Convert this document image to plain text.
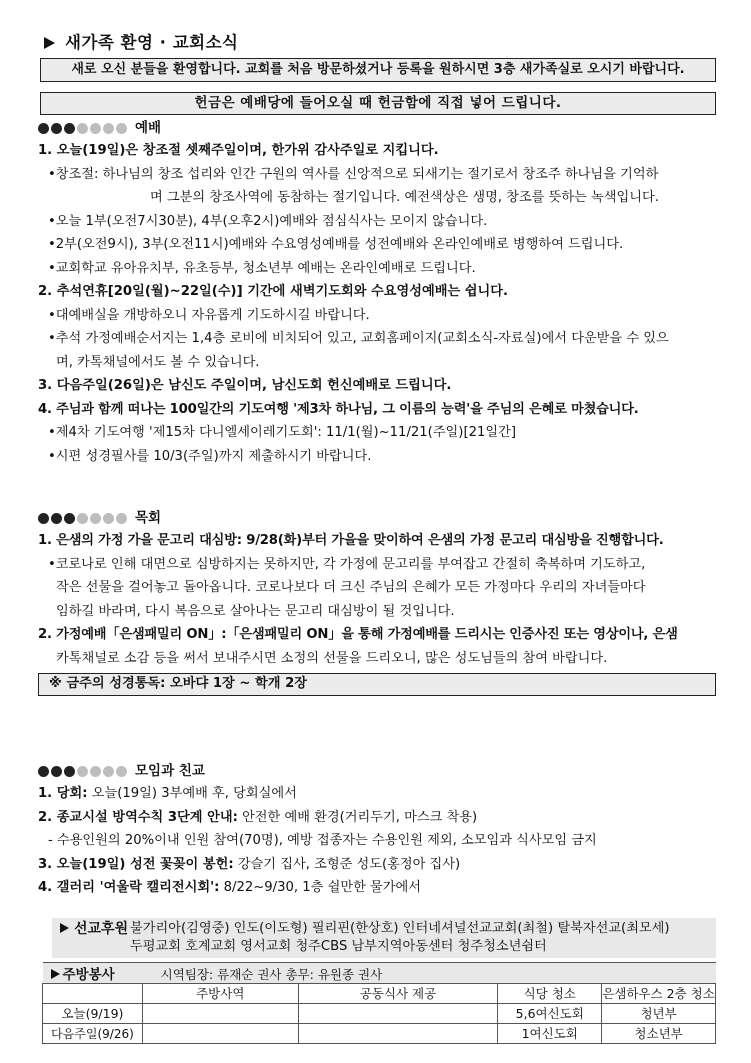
새가족 환영 · 교회소식
새로 오신 분들을 환영합니다. 교회를 처음 방문하셨거나 등록을 원하시면 3층 새가족실로 오시기 바랍니다.
헌금은 예배당에 들어오실 때 헌금함에 직접 넣어 드립니다.
예배
1. 오늘(19일)은 창조절 셋째주일이며, 한가위 감사주일로 지킵니다.
•창조절: 하나님의 창조 섭리와 인간 구원의 역사를 신앙적으로 되새기는 절기로서 창조주 하나님을 기억하
며 그분의 창조사역에 동참하는 절기입니다. 예전색상은 생명, 창조를 뜻하는 녹색입니다.
•오늘 1부(오전7시30분), 4부(오후2시)예배와 점심식사는 모이지 않습니다.
•2부(오전9시), 3부(오전11시)예배와 수요영성예배를 성전예배와 온라인예배로 병행하여 드립니다.
•교회학교 유아유치부, 유초등부, 청소년부 예배는 온라인예배로 드립니다.
2. 추석연휴[20일(월)~22일(수)] 기간에 새벽기도회와 수요영성예배는 쉽니다.
•대예배실을 개방하오니 자유롭게 기도하시길 바랍니다.
•추석 가정예배순서지는 1,4층 로비에 비치되어 있고, 교회홈페이지(교회소식-자료실)에서 다운받을 수 있으
며, 카톡채널에서도 볼 수 있습니다.
3. 다음주일(26일)은 남신도 주일이며, 남신도회 헌신예배로 드립니다.
4. 주님과 함께 떠나는 100일간의 기도여행 '제3차 하나님, 그 이름의 능력'을 주님의 은혜로 마쳤습니다.
•제4차 기도여행 '제15차 다니엘세이레기도회': 11/1(월)~11/21(주일)[21일간]
•시편 성경필사를 10/3(주일)까지 제출하시기 바랍니다.
목회
1. 은샘의 가정 가을 문고리 대심방: 9/28(화)부터 가을을 맞이하여 은샘의 가정 문고리 대심방을 진행합니다.
•코로나로 인해 대면으로 심방하지는 못하지만, 각 가정에 문고리를 부여잡고 간절히 축복하며 기도하고,
작은 선물을 걸어놓고 돌아옵니다. 코로나보다 더 크신 주님의 은혜가 모든 가정마다 우리의 자녀들마다
임하길 바라며, 다시 복음으로 살아나는 문고리 대심방이 될 것입니다.
2. 가정예배「은샘패밀리 ON」:「은샘패밀리 ON」을 통해 가정예배를 드리시는 인증사진 또는 영상이나, 은샘
카톡채널로 소감 등을 써서 보내주시면 소정의 선물을 드리오니, 많은 성도님들의 참여 바랍니다.
※ 금주의 성경통독: 오바댜 1장 ~ 학개 2장
모임과 친교
1. 당회: 오늘(19일) 3부예배 후, 당회실에서
2. 종교시설 방역수칙 3단계 안내: 안전한 예배 환경(거리두기, 마스크 착용)
- 수용인원의 20%이내 인원 참여(70명), 예방 접종자는 수용인원 제외, 소모임과 식사모임 금지
3. 오늘(19일) 성전 꽃꽂이 봉헌: 강슬기 집사, 조형준 성도(홍정아 집사)
4. 갤러리 '여울락 캘리전시회': 8/22~9/30, 1층 쉴만한 물가에서
선교후원 불가리아(김영중) 인도(이도형) 필리핀(한상호) 인터네셔널선교교회(최철) 탈북자선교(최모세)
두평교회 호계교회 영서교회 청주CBS 남부지역아동센터 청주청소년쉼터
주방봉사 시역팀장: 류재순 권사 총무: 유원종 권사				
	주방사역	공동식사 제공	식당 청소	은샘하우스 2층 청소
오늘(9/19)			5,6여신도회	청년부
다음주일(9/26)			1여신도회	청소년부
